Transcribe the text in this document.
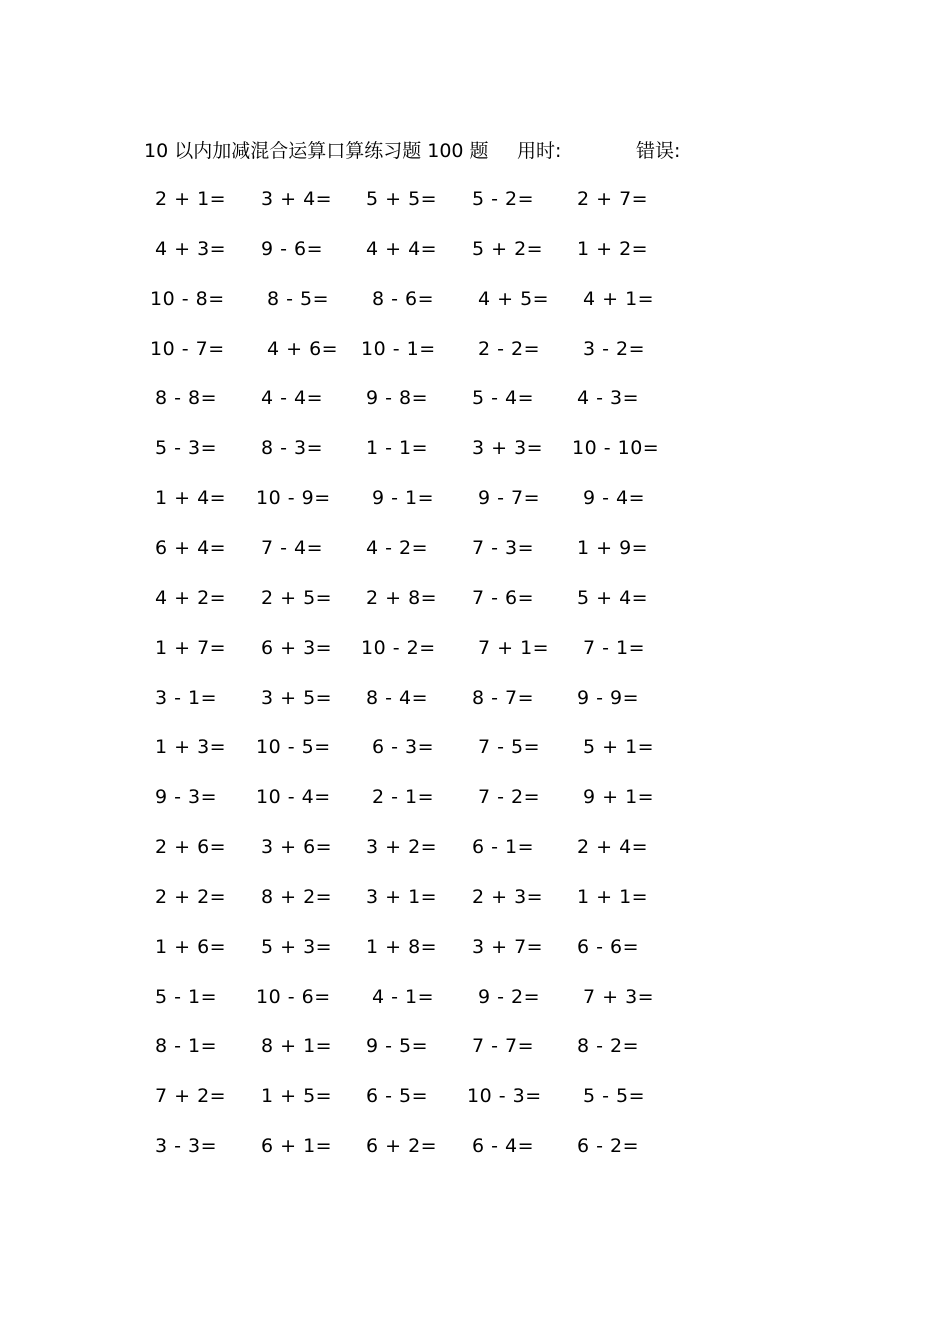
10 以内加减混合运算口算练习题 100 题 用时:	错误:
2 + 1= 3 + 4= 5 + 5= 5 - 2= 2 + 7=
4 + 3= 9 - 6= 4 + 4= 5 + 2= 1 + 2=
10 - 8= 8 - 5= 8 - 6= 4 + 5= 4 + 1=
10 - 7= 4 + 6= 10 - 1= 2 - 2= 3 - 2=
8 - 8= 4 - 4= 9 - 8= 5 - 4= 4 - 3=
5 - 3= 8 - 3= 1 - 1= 3 + 3= 10 - 10=
1 + 4= 10 - 9= 9 - 1= 9 - 7= 9 - 4=
6 + 4= 7 - 4= 4 - 2= 7 - 3= 1 + 9=
4 + 2= 2 + 5= 2 + 8= 7 - 6= 5 + 4=
1 + 7= 6 + 3= 10 - 2= 7 + 1= 7 - 1=
3 - 1= 3 + 5= 8 - 4= 8 - 7= 9 - 9=
1 + 3= 10 - 5= 6 - 3= 7 - 5= 5 + 1=
9 - 3= 10 - 4= 2 - 1= 7 - 2= 9 + 1=
2 + 6= 3 + 6= 3 + 2= 6 - 1= 2 + 4=
2 + 2= 8 + 2= 3 + 1= 2 + 3= 1 + 1=
1 + 6= 5 + 3= 1 + 8= 3 + 7= 6 - 6=
5 - 1= 10 - 6= 4 - 1= 9 - 2= 7 + 3=
8 - 1= 8 + 1= 9 - 5= 7 - 7= 8 - 2=
7 + 2= 1 + 5= 6 - 5= 10 - 3= 5 - 5=
3 - 3= 6 + 1= 6 + 2= 6 - 4= 6 - 2=
